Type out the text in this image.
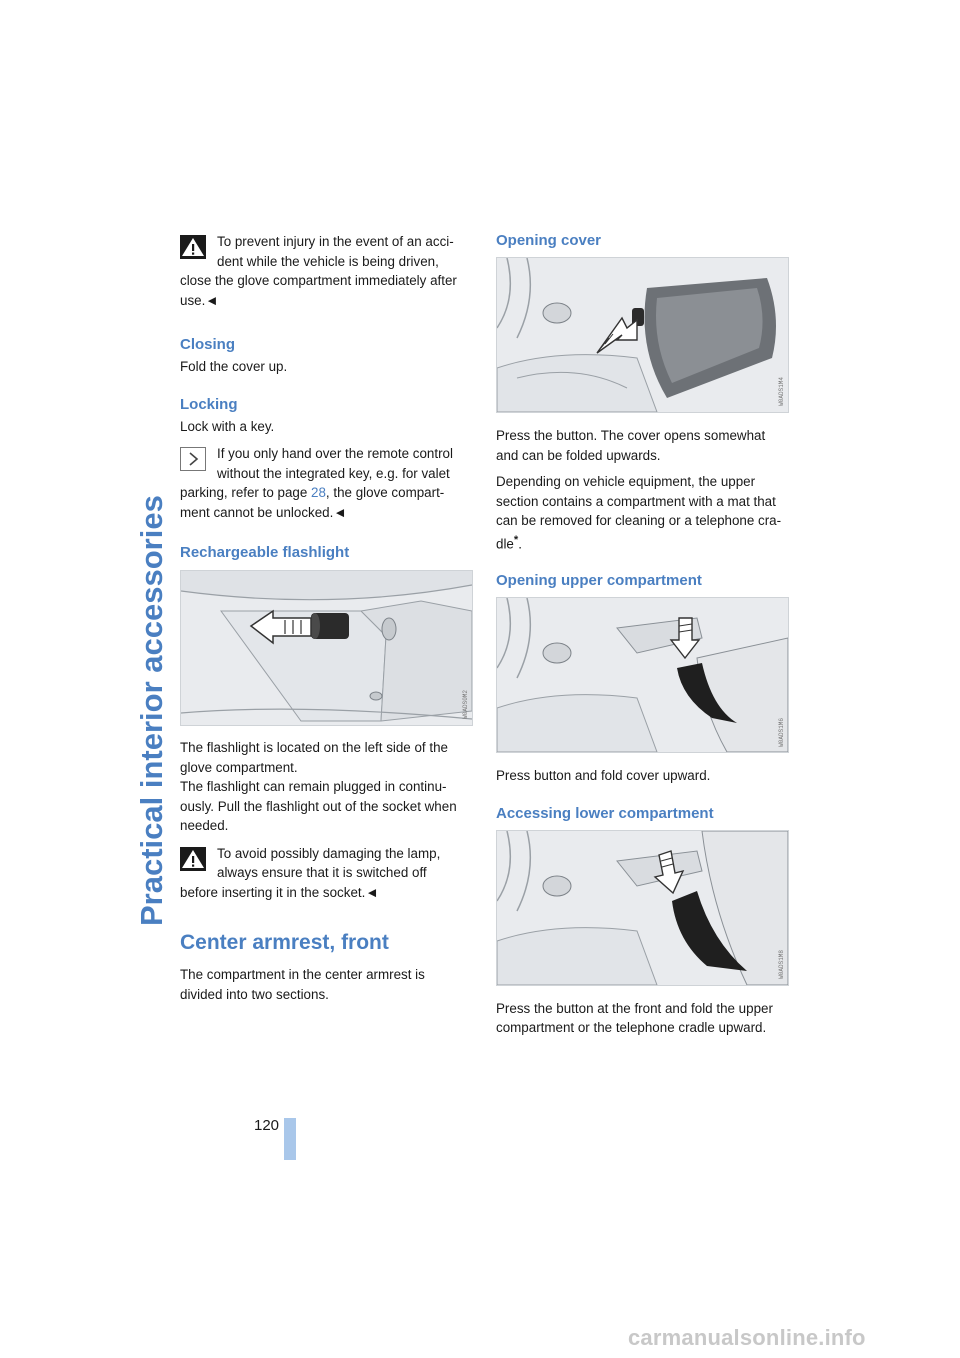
Practical interior accessories

To prevent injury in the event of an acci-

dent while the vehicle is being driven,

close the glove compartment immediately after

use.◄

Closing

Fold the cover up.

Locking

Lock with a key.

If you only hand over the remote control

without the integrated key, e.g. for valet

parking, refer to page 28, the glove compart-

ment cannot be unlocked.◄

Rechargeable flashlight
W0ADS0M2

The flashlight is located on the left side of the

glove compartment.

The flashlight can remain plugged in continu-

ously. Pull the flashlight out of the socket when

needed.

To avoid possibly damaging the lamp,

always ensure that it is switched off

before inserting it in the socket.◄

Center armrest, front

The compartment in the center armrest is

divided into two sections.

Opening cover
W0ADS1M4

Press the button. The cover opens somewhat

and can be folded upwards.

Depending on vehicle equipment, the upper

section contains a compartment with a mat that

can be removed for cleaning or a telephone cra-

dle*.

Opening upper compartment
W0ADS1M6

Press button and fold cover upward.

Accessing lower compartment
W0ADS1M8

Press the button at the front and fold the upper

compartment or the telephone cradle upward.

120
carmanualsonline.info
